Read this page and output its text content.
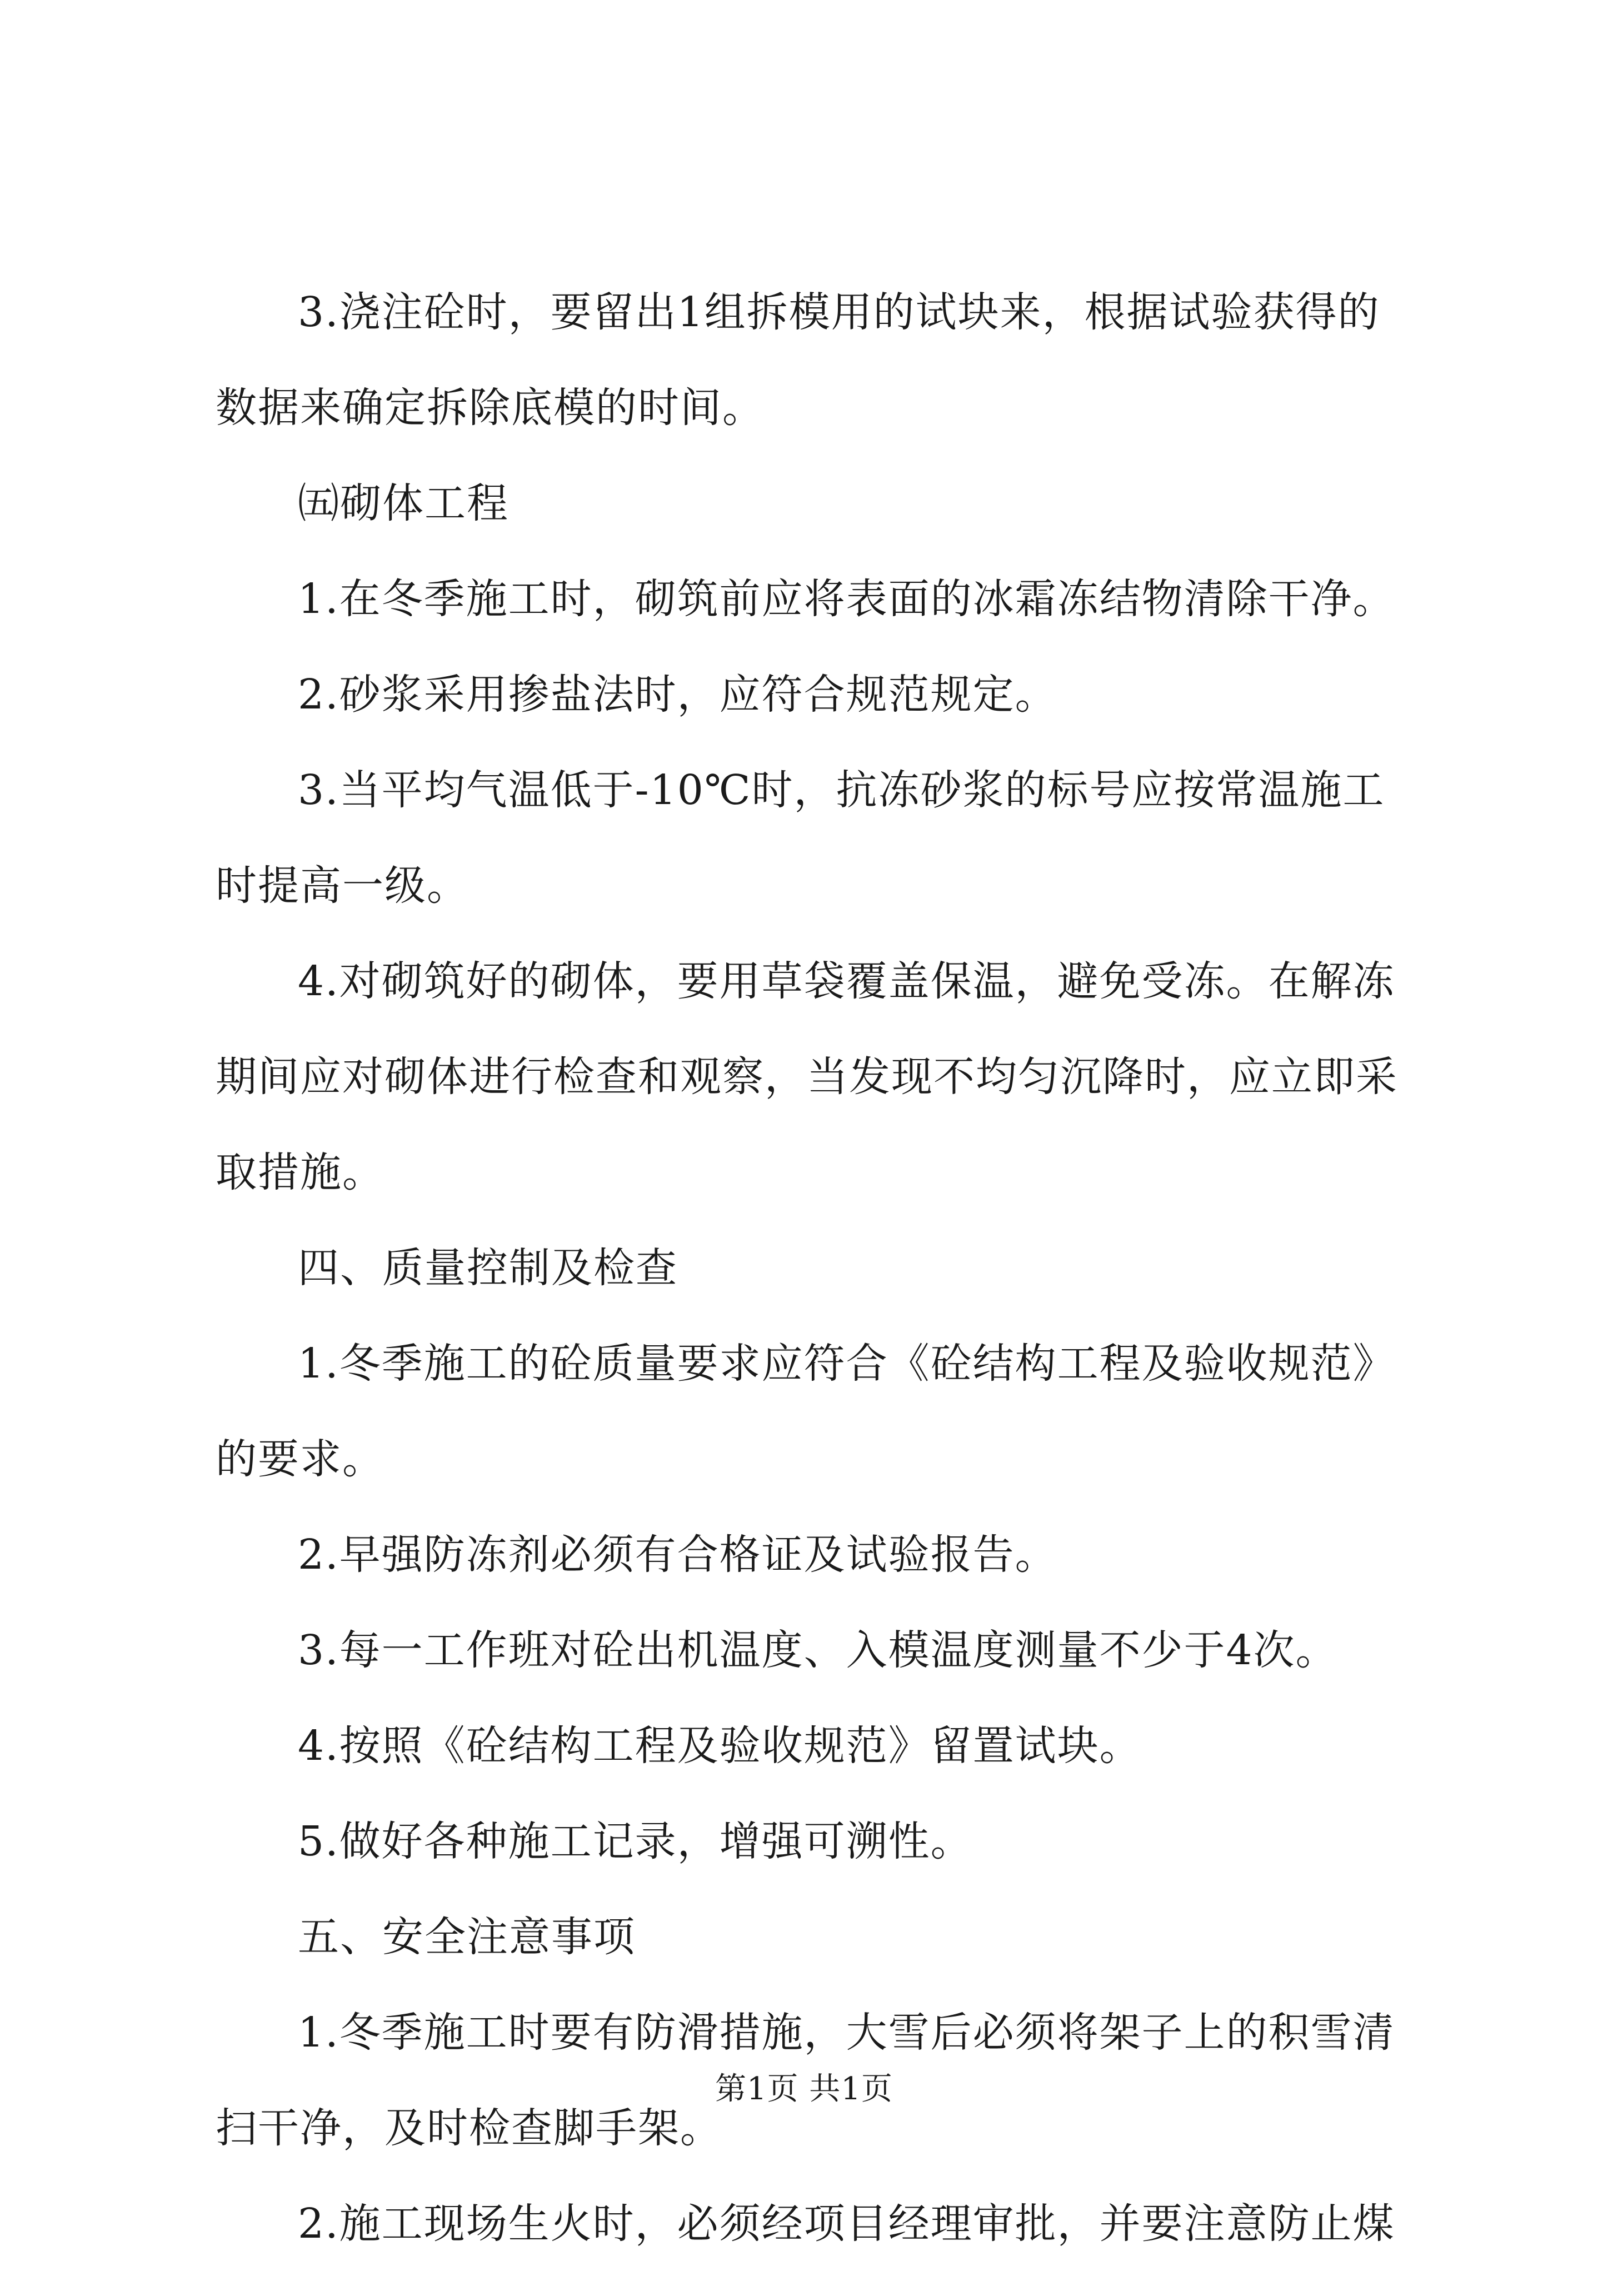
3.浇注砼时，要留出1组拆模用的试块来，根据试验获得的
数据来确定拆除底模的时间。
㈤砌体工程
1.在冬季施工时，砌筑前应将表面的冰霜冻结物清除干净。
2.砂浆采用掺盐法时，应符合规范规定。
3.当平均气温低于-10℃时，抗冻砂浆的标号应按常温施工
时提高一级。
4.对砌筑好的砌体，要用草袋覆盖保温，避免受冻。在解冻
期间应对砌体进行检查和观察，当发现不均匀沉降时，应立即采
取措施。
四、质量控制及检查
1.冬季施工的砼质量要求应符合《砼结构工程及验收规范》
的要求。
2.早强防冻剂必须有合格证及试验报告。
3.每一工作班对砼出机温度、入模温度测量不少于4次。
4.按照《砼结构工程及验收规范》留置试块。
5.做好各种施工记录，增强可溯性。
五、安全注意事项
1.冬季施工时要有防滑措施，大雪后必须将架子上的积雪清
扫干净，及时检查脚手架。
2.施工现场生火时，必须经项目经理审批，并要注意防止煤
第1页 共1页
